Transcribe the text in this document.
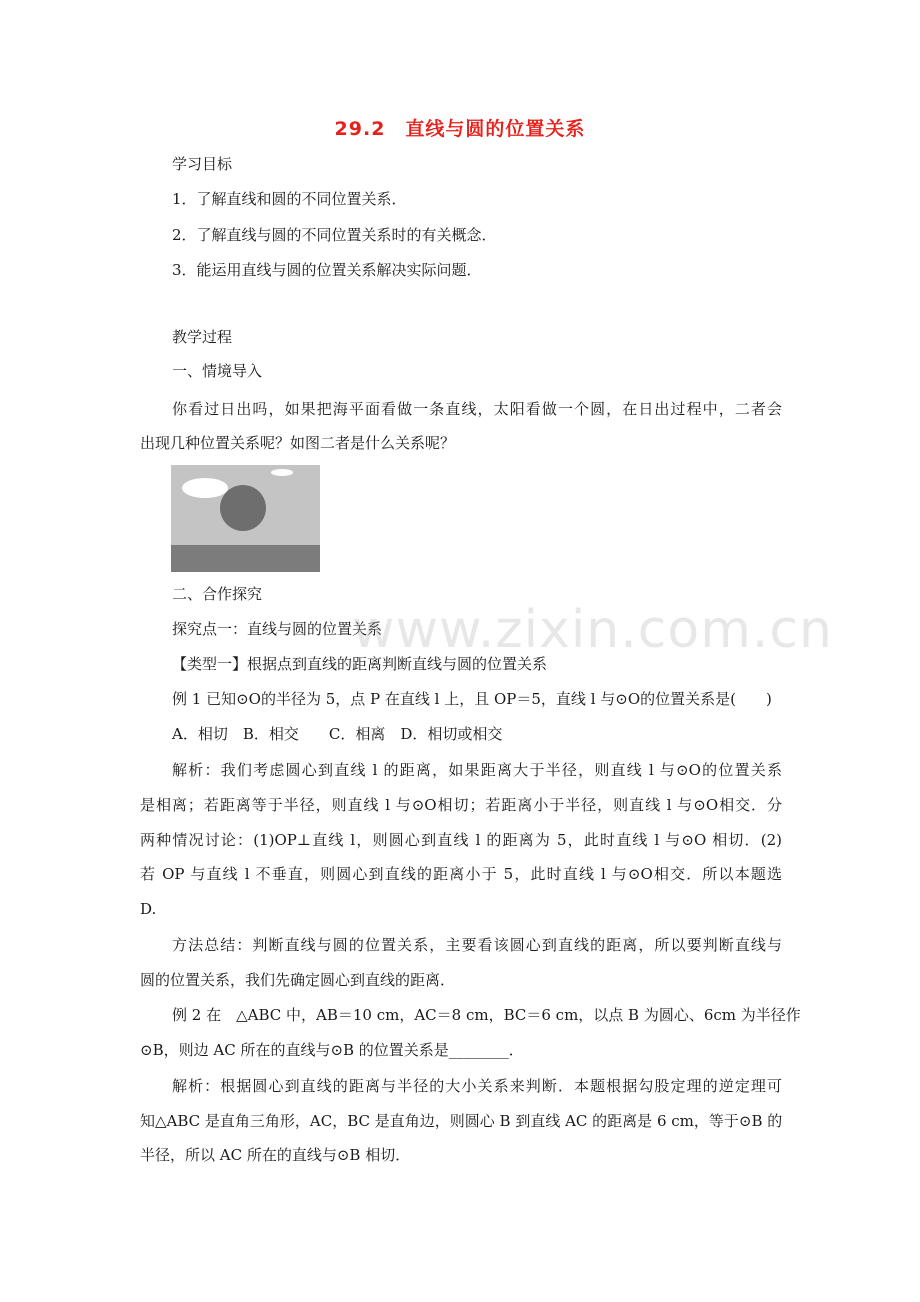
29.2　直线与圆的位置关系
学习目标
1．了解直线和圆的不同位置关系．
2．了解直线与圆的不同位置关系时的有关概念．
3．能运用直线与圆的位置关系解决实际问题．
教学过程
一、情境导入
你看过日出吗，如果把海平面看做一条直线，太阳看做一个圆，在日出过程中，二者会
出现几种位置关系呢？如图二者是什么关系呢？
二、合作探究
探究点一：直线与圆的位置关系
【类型一】根据点到直线的距离判断直线与圆的位置关系
例 1 已知⊙O的半径为 5，点 P 在直线 l 上，且 OP＝5，直线 l 与⊙O的位置关系是(　　)
A．相切　B．相交　　C．相离　D．相切或相交
解析：我们考虑圆心到直线 l 的距离，如果距离大于半径，则直线 l 与⊙O的位置关系
是相离；若距离等于半径，则直线 l 与⊙O相切；若距离小于半径，则直线 l 与⊙O相交．分
两种情况讨论：(1)OP⊥直线 l，则圆心到直线 l 的距离为 5，此时直线 l 与⊙O 相切．(2)
若 OP 与直线 l 不垂直，则圆心到直线的距离小于 5，此时直线 l 与⊙O相交．所以本题选
D.
方法总结：判断直线与圆的位置关系，主要看该圆心到直线的距离，所以要判断直线与
圆的位置关系，我们先确定圆心到直线的距离．
例 2 在　△ABC 中，AB＝10 cm，AC＝8 cm，BC＝6 cm，以点 B 为圆心、6cm 为半径作
⊙B，则边 AC 所在的直线与⊙B 的位置关系是________．
解析：根据圆心到直线的距离与半径的大小关系来判断．本题根据勾股定理的逆定理可
知△ABC 是直角三角形，AC，BC 是直角边，则圆心 B 到直线 AC 的距离是 6 cm，等于⊙B 的
半径，所以 AC 所在的直线与⊙B 相切．
www.zixin.com.cn
